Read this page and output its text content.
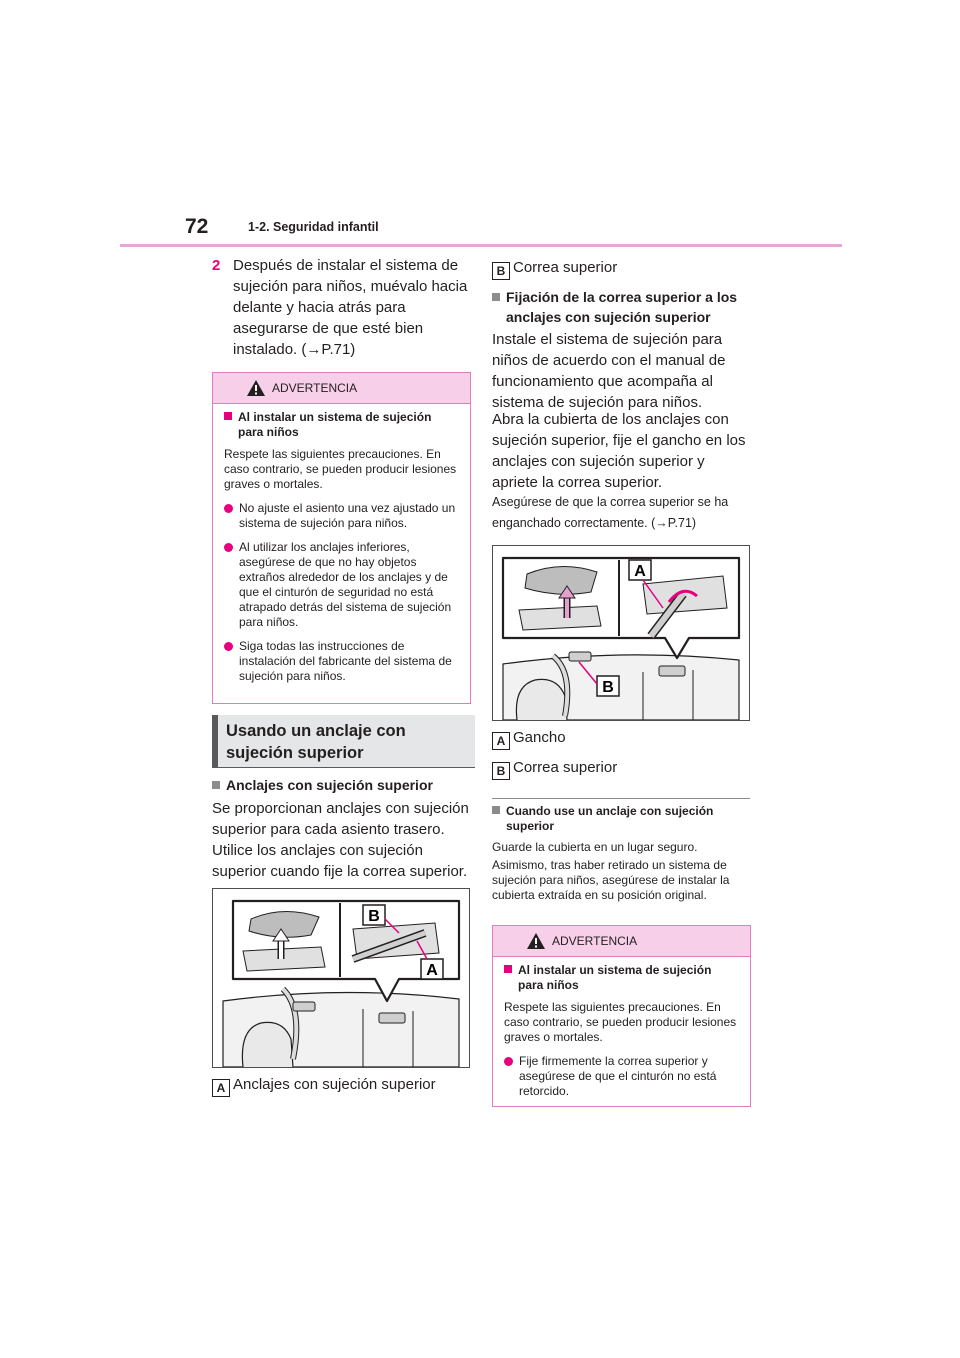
72	1-2. Seguridad infantil
2 Después de instalar el sistema de sujeción para niños, muévalo hacia delante y hacia atrás para asegurarse de que esté bien instalado. (→P.71)
ADVERTENCIA
Al instalar un sistema de sujeción para niños
Respete las siguientes precauciones. En caso contrario, se pueden producir lesiones graves o mortales.
No ajuste el asiento una vez ajustado un sistema de sujeción para niños.
Al utilizar los anclajes inferiores, asegúrese de que no hay objetos extraños alrededor de los anclajes y de que el cinturón de seguridad no está atrapado detrás del sistema de sujeción para niños.
Siga todas las instrucciones de instalación del fabricante del sistema de sujeción para niños.
Usando un anclaje con sujeción superior
Anclajes con sujeción superior
Se proporcionan anclajes con sujeción superior para cada asiento trasero.
Utilice los anclajes con sujeción superior cuando fije la correa superior.
B
A
A Anclajes con sujeción superior
B Correa superior
Fijación de la correa superior a los anclajes con sujeción superior
Instale el sistema de sujeción para niños de acuerdo con el manual de funcionamiento que acompaña al sistema de sujeción para niños.
Abra la cubierta de los anclajes con sujeción superior, fije el gancho en los anclajes con sujeción superior y apriete la correa superior.
Asegúrese de que la correa superior se ha enganchado correctamente. (→P.71)
A
B
A Gancho
B Correa superior
Cuando use un anclaje con sujeción superior
Guarde la cubierta en un lugar seguro.
Asimismo, tras haber retirado un sistema de sujeción para niños, asegúrese de instalar la cubierta extraída en su posición original.
ADVERTENCIA
Al instalar un sistema de sujeción para niños
Respete las siguientes precauciones. En caso contrario, se pueden producir lesiones graves o mortales.
Fije firmemente la correa superior y asegúrese de que el cinturón no está retorcido.
